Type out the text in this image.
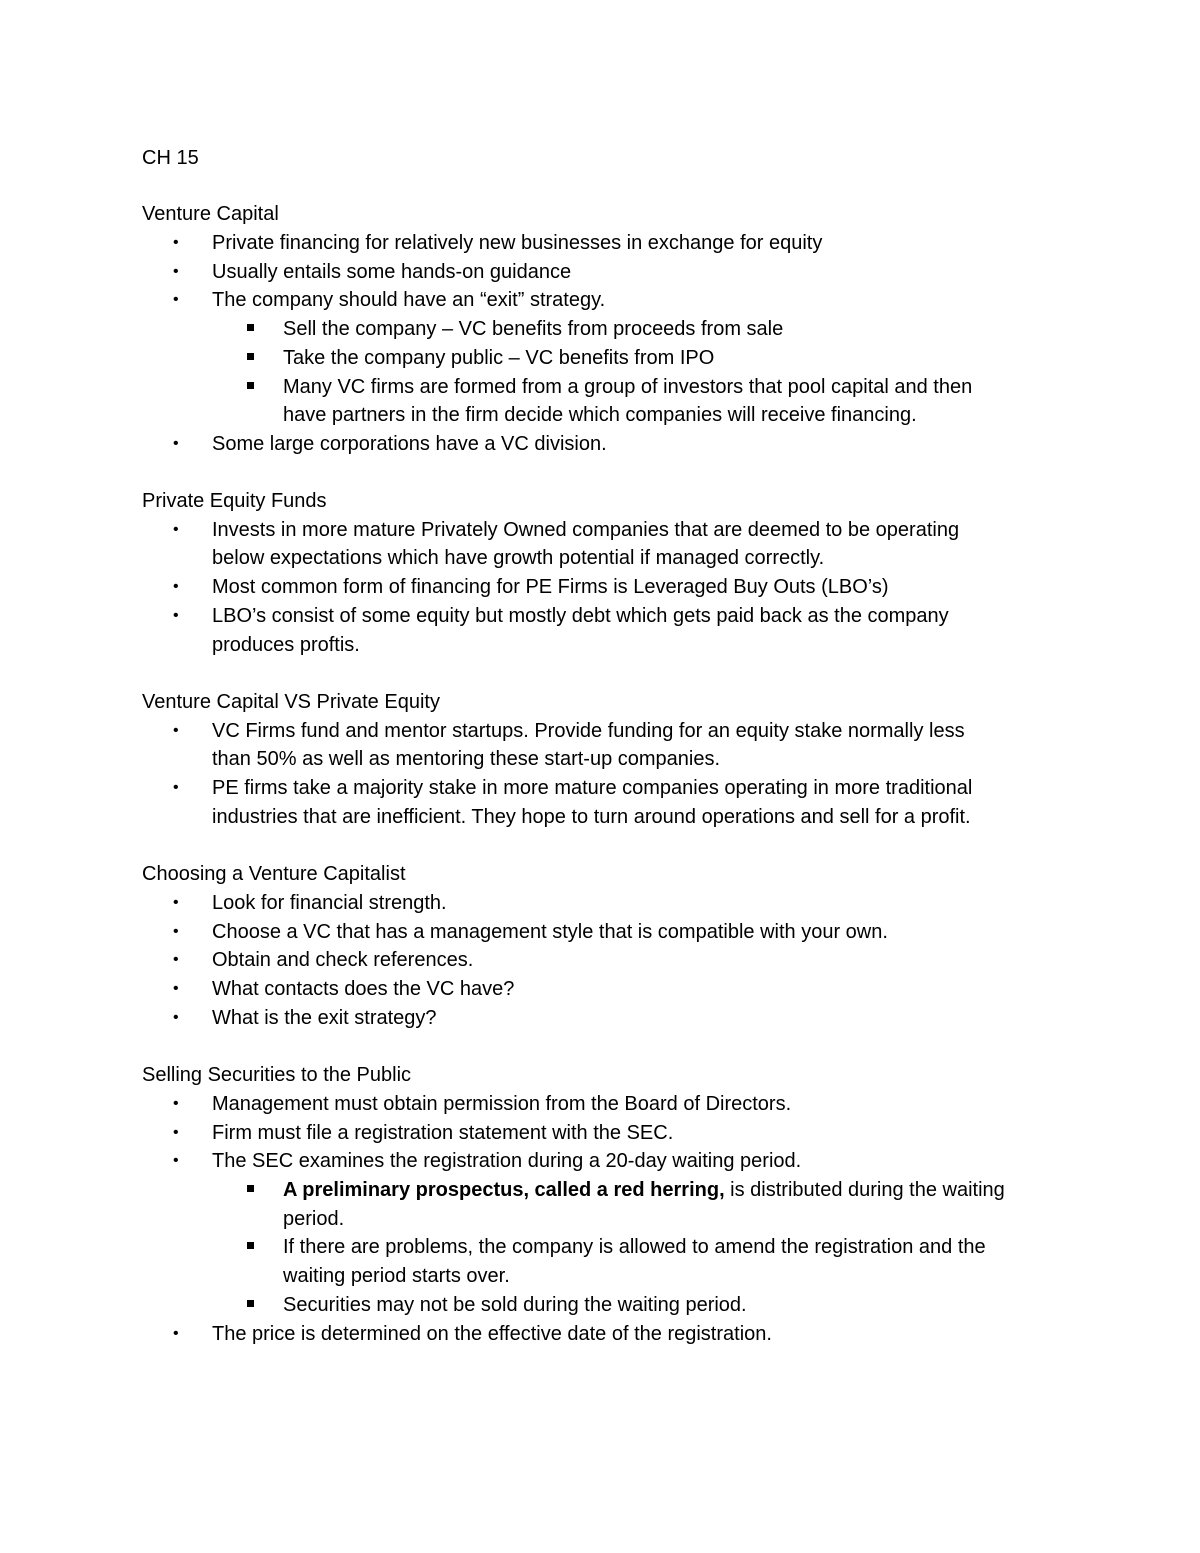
CH 15
Venture Capital
• Private financing for relatively new businesses in exchange for equity
• Usually entails some hands-on guidance
• The company should have an “exit” strategy.
Sell the company – VC benefits from proceeds from sale
Take the company public – VC benefits from IPO
Many VC firms are formed from a group of investors that pool capital and then
have partners in the firm decide which companies will receive financing.
• Some large corporations have a VC division.
Private Equity Funds
• Invests in more mature Privately Owned companies that are deemed to be operating
below expectations which have growth potential if managed correctly.
• Most common form of financing for PE Firms is Leveraged Buy Outs (LBO’s)
• LBO’s consist of some equity but mostly debt which gets paid back as the company
produces proftis.
Venture Capital VS Private Equity
• VC Firms fund and mentor startups. Provide funding for an equity stake normally less
than 50% as well as mentoring these start-up companies.
• PE firms take a majority stake in more mature companies operating in more traditional
industries that are inefficient. They hope to turn around operations and sell for a profit.
Choosing a Venture Capitalist
• Look for financial strength.
• Choose a VC that has a management style that is compatible with your own.
• Obtain and check references.
• What contacts does the VC have?
• What is the exit strategy?
Selling Securities to the Public
• Management must obtain permission from the Board of Directors.
• Firm must file a registration statement with the SEC.
• The SEC examines the registration during a 20-day waiting period.
A preliminary prospectus, called a red herring, is distributed during the waiting
period.
If there are problems, the company is allowed to amend the registration and the
waiting period starts over.
Securities may not be sold during the waiting period.
• The price is determined on the effective date of the registration.
